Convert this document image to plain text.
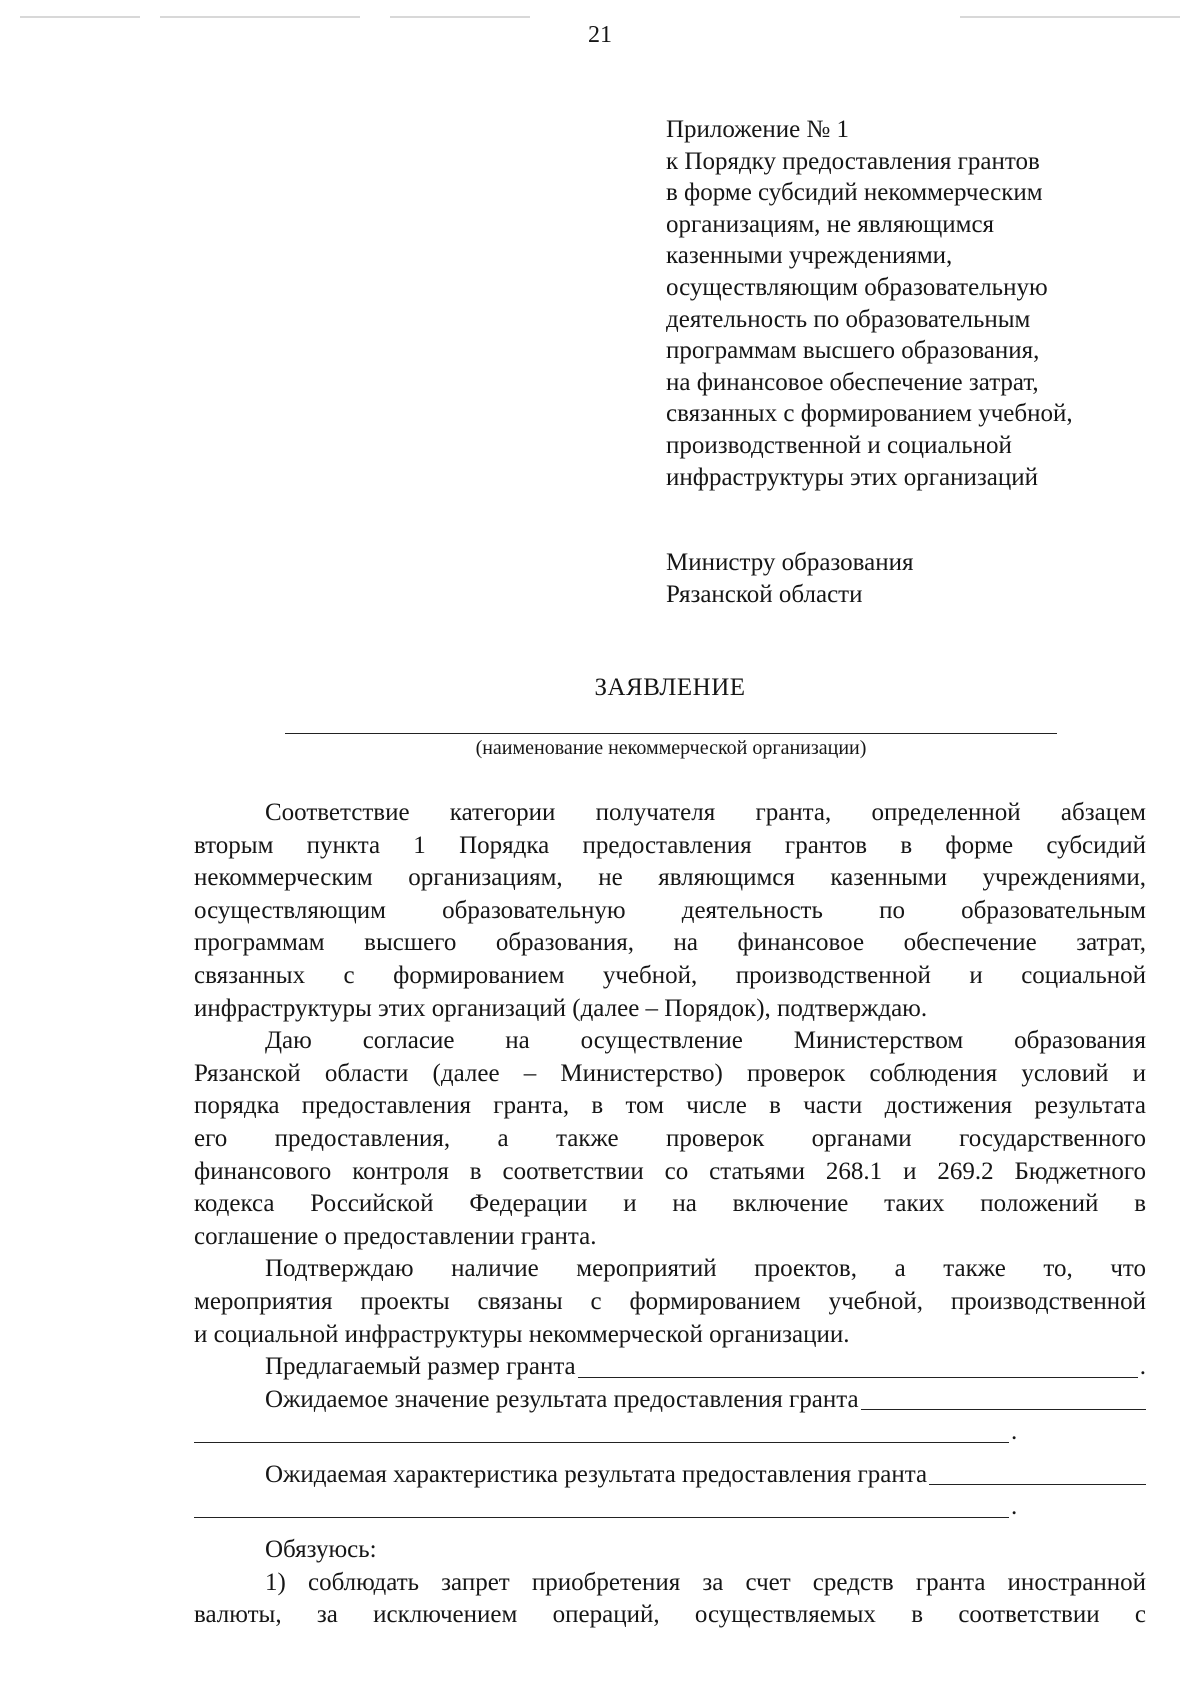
21
Приложение № 1
к Порядку предоставления грантов
в форме субсидий некоммерческим
организациям, не являющимся
казенными учреждениями,
осуществляющим образовательную
деятельность по образовательным
программам высшего образования,
на финансовое обеспечение затрат,
связанных с формированием учебной,
производственной и социальной
инфраструктуры этих организаций
Министру образования
Рязанской области
ЗАЯВЛЕНИЕ
(наименование некоммерческой организации)
Соответствие категории получателя гранта, определенной абзацем
вторым пункта 1 Порядка предоставления грантов в форме субсидий
некоммерческим организациям, не являющимся казенными учреждениями,
осуществляющим образовательную деятельность по образовательным
программам высшего образования, на финансовое обеспечение затрат,
связанных с формированием учебной, производственной и социальной
инфраструктуры этих организаций (далее – Порядок), подтверждаю.
Даю согласие на осуществление Министерством образования
Рязанской области (далее – Министерство) проверок соблюдения условий и
порядка предоставления гранта, в том числе в части достижения результата
его предоставления, а также проверок органами государственного
финансового контроля в соответствии со статьями 268.1 и 269.2 Бюджетного
кодекса Российской Федерации и на включение таких положений в
соглашение о предоставлении гранта.
Подтверждаю наличие мероприятий проектов, а также то, что
мероприятия проекты связаны с формированием учебной, производственной
и социальной инфраструктуры некоммерческой организации.
Предлагаемый размер гранта	.
Ожидаемое значение результата предоставления гранта
.
Ожидаемая характеристика результата предоставления гранта
.
Обязуюсь:
1) соблюдать запрет приобретения за счет средств гранта иностранной
валюты, за исключением операций, осуществляемых в соответствии с
